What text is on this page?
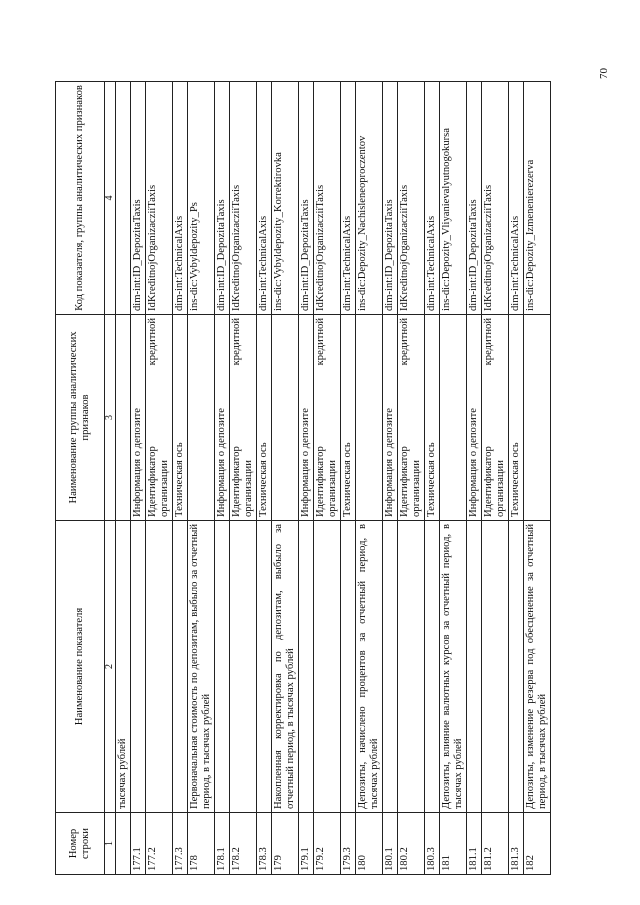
70
Номер строки	Наименование показателя	Наименование группы аналитических признаков	Код показателя, группы аналитических признаков
1	2	3	4
	тысячах рублей		
177.1		Информация о депозите	dim-int:ID_DepozitaTaxis
177.2		Идентификатор
кредитной
организации	IdKreditnojOrganizacziiTaxis
177.3		Техническая ось	dim-int:TechnicalAxis
178	Первоначальная стоимость по депозитам, выбыло за отчетный период, в тысячах рублей		ins-dic:Vybyldepozity_Ps
178.1		Информация о депозите	dim-int:ID_DepozitaTaxis
178.2		Идентификатор
кредитной
организации	IdKreditnojOrganizacziiTaxis
178.3		Техническая ось	dim-int:TechnicalAxis
179	Накопленная корректировка по депозитам, выбыло за отчетный период, в тысячах рублей		ins-dic:Vybyldepozity_Korrektirovka
179.1		Информация о депозите	dim-int:ID_DepozitaTaxis
179.2		Идентификатор
кредитной
организации	IdKreditnojOrganizacziiTaxis
179.3		Техническая ось	dim-int:TechnicalAxis
180	Депозиты, начислено процентов за отчетный период, в тысячах рублей		ins-dic:Depozity_Nachisleneoproczentov
180.1		Информация о депозите	dim-int:ID_DepozitaTaxis
180.2		Идентификатор
кредитной
организации	IdKreditnojOrganizacziiTaxis
180.3		Техническая ось	dim-int:TechnicalAxis
181	Депозиты, влияние валютных курсов за отчетный период, в тысячах рублей		ins-dic:Depozity_Vliyanievalyutnogokursa
181.1		Информация о депозите	dim-int:ID_DepozitaTaxis
181.2		Идентификатор
кредитной
организации	IdKreditnojOrganizacziiTaxis
181.3		Техническая ось	dim-int:TechnicalAxis
182	Депозиты, изменение резерва под обесценение за отчетный период, в тысячах рублей		ins-dic:Depozity_Izmenenierezerva
